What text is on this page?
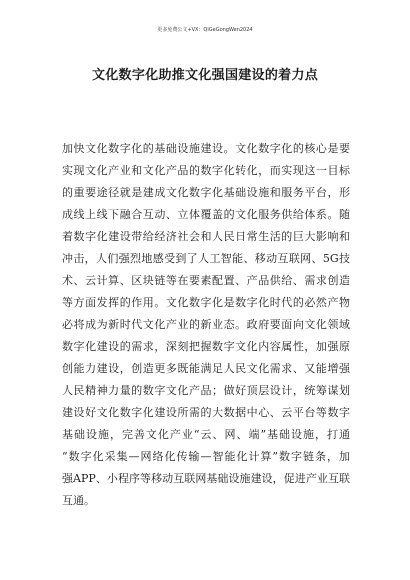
更多免费公文+VX：QiGeGongWen2024
文化数字化助推文化强国建设的着力点
加快文化数字化的基础设施建设。文化数字化的核心是要
实现文化产业和文化产品的数字化转化，而实现这一目标
的重要途径就是建成文化数字化基础设施和服务平台，形
成线上线下融合互动、立体覆盖的文化服务供给体系。随
着数字化建设带给经济社会和人民日常生活的巨大影响和
冲击，人们强烈地感受到了人工智能、移动互联网、5G技
术、云计算、区块链等在要素配置、产品供给、需求创造
等方面发挥的作用。文化数字化是数字化时代的必然产物
必将成为新时代文化产业的新业态。政府要面向文化领域
数字化建设的需求，深刻把握数字文化内容属性，加强原
创能力建设，创造更多既能满足人民文化需求、又能增强
人民精神力量的数字文化产品；做好顶层设计，统筹谋划
建设好文化数字化建设所需的大数据中心、云平台等数字
基础设施，完善文化产业“云、网、端”基础设施，打通
“数字化采集—网络化传输—智能化计算”数字链条，加
强APP、小程序等移动互联网基础设施建设，促进产业互联
互通。
